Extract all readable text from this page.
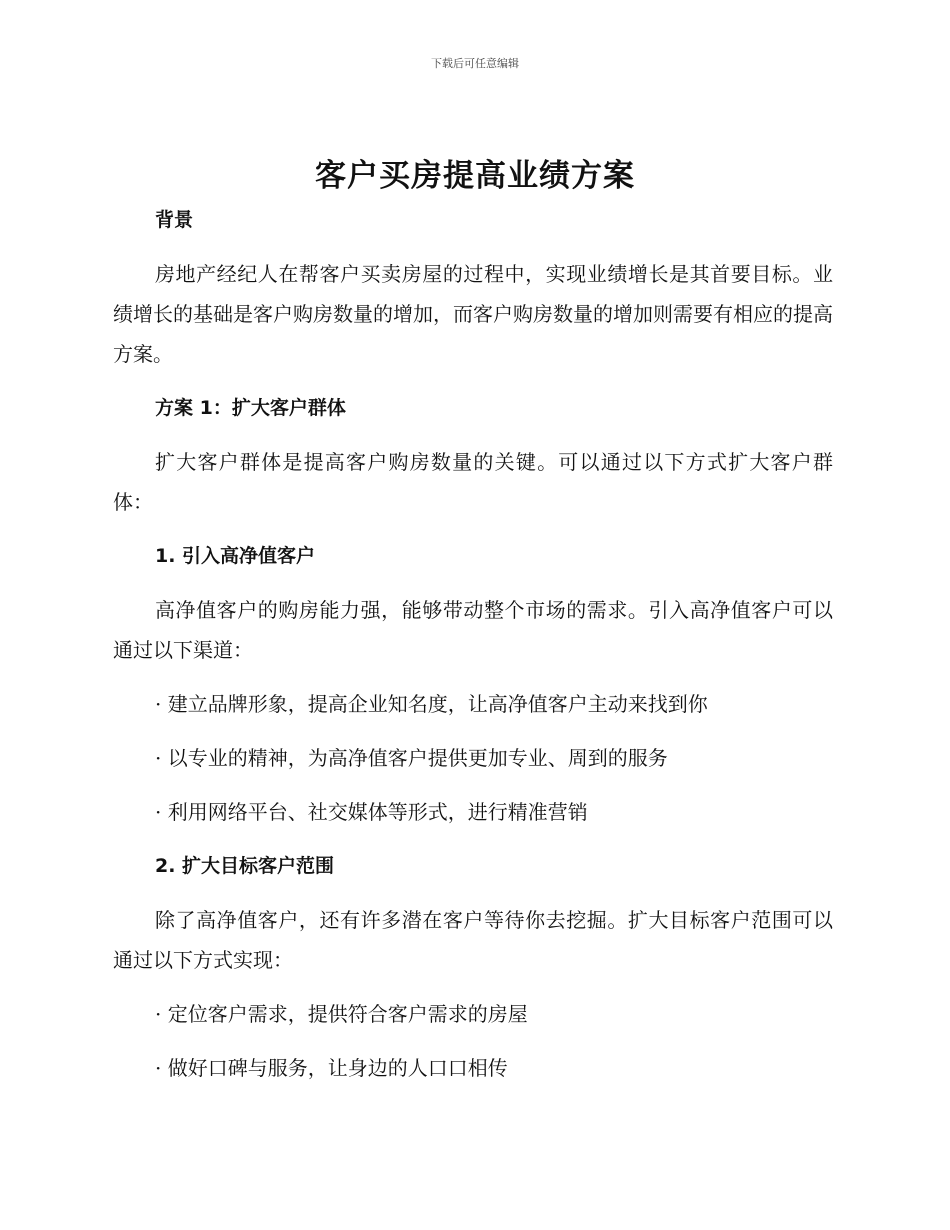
下载后可任意编辑
客户买房提高业绩方案

背景

房地产经纪人在帮客户买卖房屋的过程中，实现业绩增长是其首要目标。业绩增长的基础是客户购房数量的增加，而客户购房数量的增加则需要有相应的提高方案。

方案 1：扩大客户群体

扩大客户群体是提高客户购房数量的关键。可以通过以下方式扩大客户群体：

1. 引入高净值客户

高净值客户的购房能力强，能够带动整个市场的需求。引入高净值客户可以通过以下渠道：

· 建立品牌形象，提高企业知名度，让高净值客户主动来找到你

· 以专业的精神，为高净值客户提供更加专业、周到的服务

· 利用网络平台、社交媒体等形式，进行精准营销

2. 扩大目标客户范围

除了高净值客户，还有许多潜在客户等待你去挖掘。扩大目标客户范围可以通过以下方式实现：

· 定位客户需求，提供符合客户需求的房屋

· 做好口碑与服务，让身边的人口口相传
